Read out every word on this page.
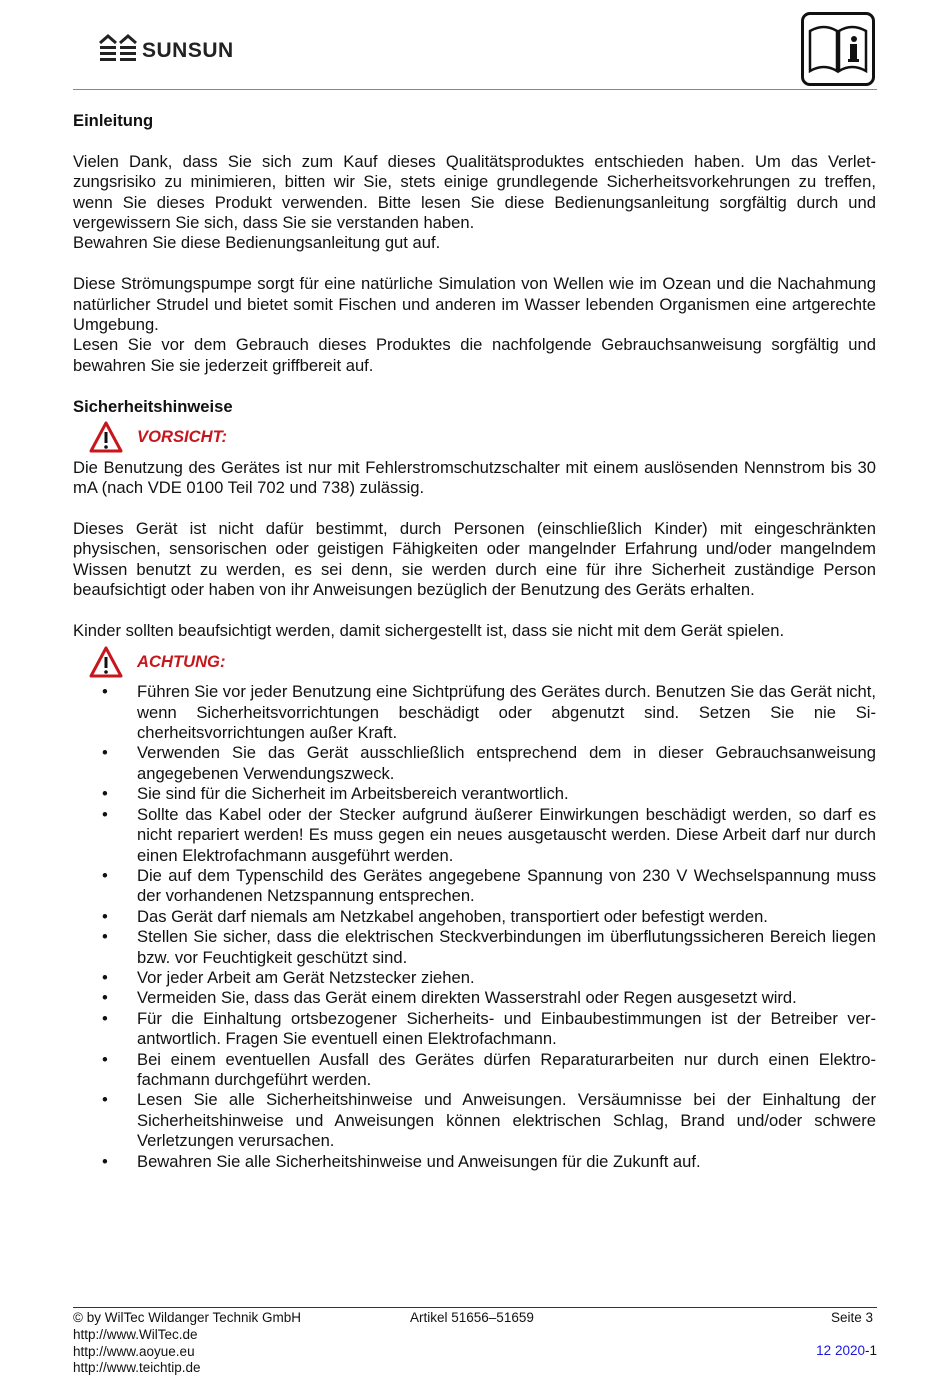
SUNSUN
Einleitung

Vielen Dank, dass Sie sich zum Kauf dieses Qualitätsproduktes entschieden haben. Um das Verletzungsrisiko zu minimieren, bitten wir Sie, stets einige grundlegende Sicherheitsvorkehrungen zu treffen, wenn Sie dieses Produkt verwenden. Bitte lesen Sie diese Bedienungsanleitung sorgfältig durch und vergewissern Sie sich, dass Sie sie verstanden haben.

Bewahren Sie diese Bedienungsanleitung gut auf.

Diese Strömungspumpe sorgt für eine natürliche Simulation von Wellen wie im Ozean und die Nachahmung natürlicher Strudel und bietet somit Fischen und anderen im Wasser lebenden Organismen eine artgerechte Umgebung.

Lesen Sie vor dem Gebrauch dieses Produktes die nachfolgende Gebrauchsanweisung sorgfältig und bewahren Sie sie jederzeit griffbereit auf.

Sicherheitshinweise
VORSICHT:

Die Benutzung des Gerätes ist nur mit Fehlerstromschutzschalter mit einem auslösenden Nennstrom bis 30 mA (nach VDE 0100 Teil 702 und 738) zulässig.

Dieses Gerät ist nicht dafür bestimmt, durch Personen (einschließlich Kinder) mit eingeschränkten physischen, sensorischen oder geistigen Fähigkeiten oder mangelnder Erfahrung und/oder mangelndem Wissen benutzt zu werden, es sei denn, sie werden durch eine für ihre Sicherheit zuständige Person beaufsichtigt oder haben von ihr Anweisungen bezüglich der Benutzung des Geräts erhalten.

Kinder sollten beaufsichtigt werden, damit sichergestellt ist, dass sie nicht mit dem Gerät spielen.

ACHTUNG:
• Führen Sie vor jeder Benutzung eine Sichtprüfung des Gerätes durch. Benutzen Sie das Gerät nicht, wenn Sicherheitsvorrichtungen beschädigt oder abgenutzt sind. Setzen Sie nie Sicherheitsvorrichtungen außer Kraft.
• Verwenden Sie das Gerät ausschließlich entsprechend dem in dieser Gebrauchsanweisung angegebenen Verwendungszweck.
• Sie sind für die Sicherheit im Arbeitsbereich verantwortlich.
• Sollte das Kabel oder der Stecker aufgrund äußerer Einwirkungen beschädigt werden, so darf es nicht repariert werden! Es muss gegen ein neues ausgetauscht werden. Diese Arbeit darf nur durch einen Elektrofachmann ausgeführt werden.
• Die auf dem Typenschild des Gerätes angegebene Spannung von 230 V Wechselspannung muss der vorhandenen Netzspannung entsprechen.
• Das Gerät darf niemals am Netzkabel angehoben, transportiert oder befestigt werden.
• Stellen Sie sicher, dass die elektrischen Steckverbindungen im überflutungssicheren Bereich liegen bzw. vor Feuchtigkeit geschützt sind.
• Vor jeder Arbeit am Gerät Netzstecker ziehen.
• Vermeiden Sie, dass das Gerät einem direkten Wasserstrahl oder Regen ausgesetzt wird.
• Für die Einhaltung ortsbezogener Sicherheits- und Einbaubestimmungen ist der Betreiber verantwortlich. Fragen Sie eventuell einen Elektrofachmann.
• Bei einem eventuellen Ausfall des Gerätes dürfen Reparaturarbeiten nur durch einen Elektrofachmann durchgeführt werden.
• Lesen Sie alle Sicherheitshinweise und Anweisungen. Versäumnisse bei der Einhaltung der Sicherheitshinweise und Anweisungen können elektrischen Schlag, Brand und/oder schwere Verletzungen verursachen.
• Bewahren Sie alle Sicherheitshinweise und Anweisungen für die Zukunft auf.
© by WilTec Wildanger Technik GmbH
http://www.WilTec.de
http://www.aoyue.eu
http://www.teichtip.de
Artikel 51656–51659	Seite 3
12 2020-1
